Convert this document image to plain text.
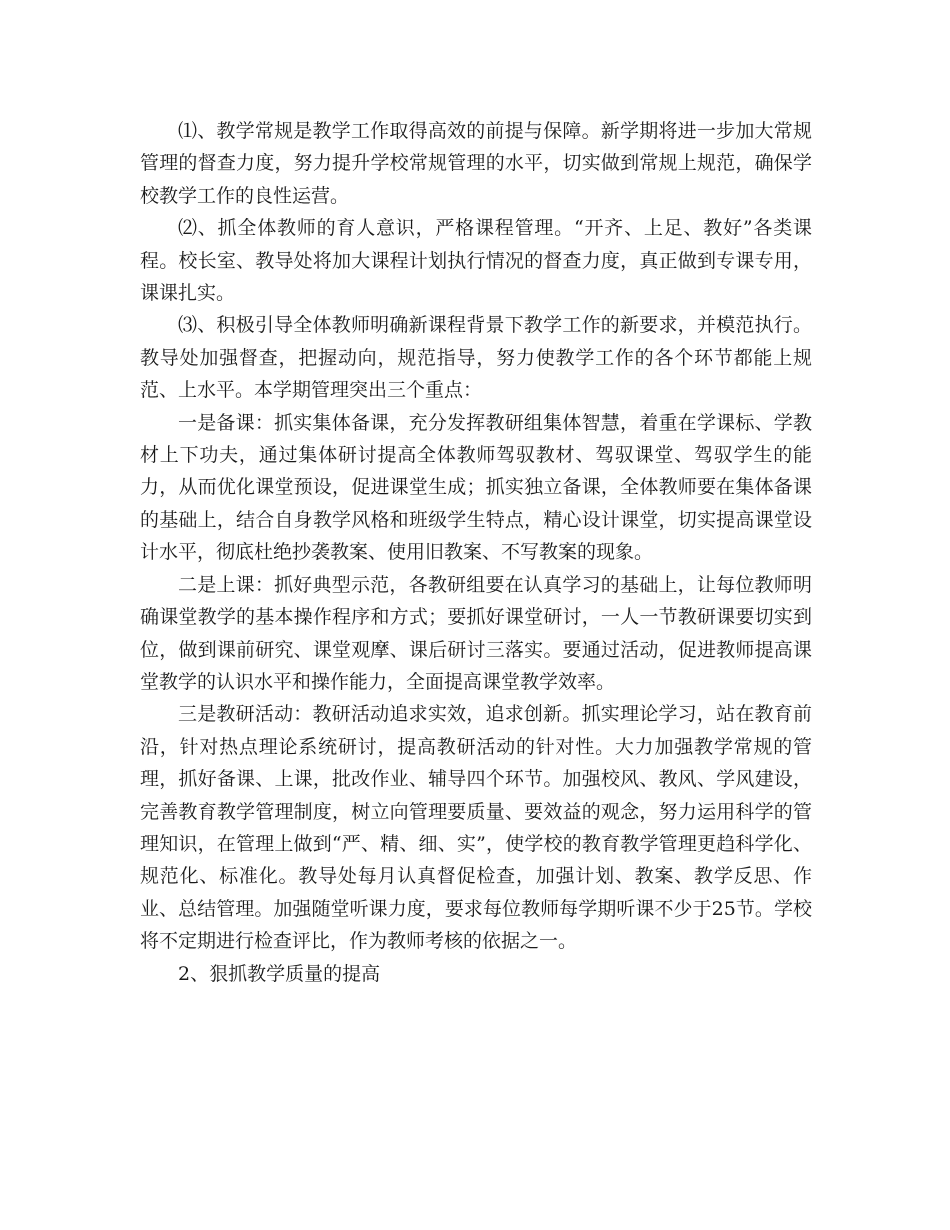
⑴、教学常规是教学工作取得高效的前提与保障。新学期将进一步加大常规管理的督查力度，努力提升学校常规管理的水平，切实做到常规上规范，确保学校教学工作的良性运营。

⑵、抓全体教师的育人意识，严格课程管理。“开齐、上足、教好”各类课程。校长室、教导处将加大课程计划执行情况的督查力度，真正做到专课专用，课课扎实。

⑶、积极引导全体教师明确新课程背景下教学工作的新要求，并模范执行。教导处加强督查，把握动向，规范指导，努力使教学工作的各个环节都能上规范、上水平。本学期管理突出三个重点：

一是备课：抓实集体备课，充分发挥教研组集体智慧，着重在学课标、学教材上下功夫，通过集体研讨提高全体教师驾驭教材、驾驭课堂、驾驭学生的能力，从而优化课堂预设，促进课堂生成；抓实独立备课，全体教师要在集体备课的基础上，结合自身教学风格和班级学生特点，精心设计课堂，切实提高课堂设计水平，彻底杜绝抄袭教案、使用旧教案、不写教案的现象。

二是上课：抓好典型示范，各教研组要在认真学习的基础上，让每位教师明确课堂教学的基本操作程序和方式；要抓好课堂研讨，一人一节教研课要切实到位，做到课前研究、课堂观摩、课后研讨三落实。要通过活动，促进教师提高课堂教学的认识水平和操作能力，全面提高课堂教学效率。

三是教研活动：教研活动追求实效，追求创新。抓实理论学习，站在教育前沿，针对热点理论系统研讨，提高教研活动的针对性。大力加强教学常规的管理，抓好备课、上课，批改作业、辅导四个环节。加强校风、教风、学风建设，完善教育教学管理制度，树立向管理要质量、要效益的观念，努力运用科学的管理知识，在管理上做到“严、精、细、实”，使学校的教育教学管理更趋科学化、规范化、标准化。教导处每月认真督促检查，加强计划、教案、教学反思、作业、总结管理。加强随堂听课力度，要求每位教师每学期听课不少于25节。学校将不定期进行检查评比，作为教师考核的依据之一。

2、狠抓教学质量的提高
